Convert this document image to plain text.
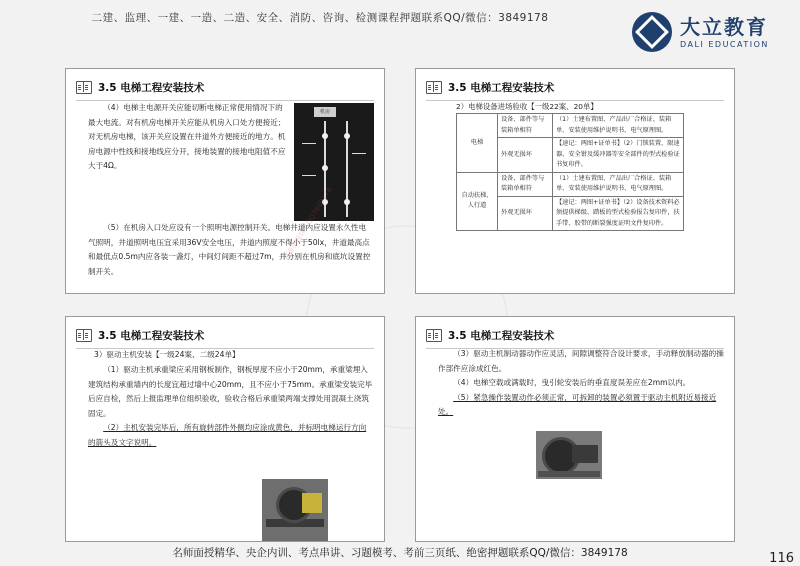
二建、监理、一建、一造、二造、安全、消防、咨询、检测课程押题联系QQ/微信：3849178	大立教育
DALI EDUCATION
3.5 电梯工程安装技术

（4）电梯主电源开关应能切断电梯正常使用情况下的最大电流。对有机房电梯开关应能从机房入口处方便接近；对无机房电梯，该开关应设置在井道外方便接近的地方。机房电源中性线和接地线应分开，接地装置的接地电阻值不应大于4Ω。

（5）在机房入口处应设有一个照明电源控制开关。电梯井道内应设置永久性电气照明，井道照明电压宜采用36V安全电压，井道内照度不得小于50lx，井道最高点和最低点0.5m内应各装一盏灯，中间灯间距不超过7m，并分别在机房和底坑设置控制开关。

机房
精准押题联系QQ3849178
3.5 电梯工程安装技术
2）电梯设备进场验收【一级22案、20单】
电梯	设备、部件等与装箱单相符	（1）土建布置图、产品出厂合格证、装箱单、安装使用维护说明书、电气原理图。
	外观无损坏	【速记：两图+证单书】（2）门锁装置、限速器、安全钳及缓冲器等安全部件的型式检验证书复印件。
自动扶梯、人行道	设备、部件等与装箱单相符	（1）土建布置图、产品出厂合格证、装箱单、安装使用维护说明书、电气原理图。
	外观无损坏	【速记：两图+证单书】（2）设备技术资料必须提供梯级、踏板的型式检验报告复印件，扶手带、胶带的断裂强度证明文件复印件。
3.5 电梯工程安装技术
3）驱动主机安装【一级24案、二级24单】

（1）驱动主机承重梁应采用钢板制作，钢板厚度不应小于20mm，承重梁埋入建筑结构承重墙内的长度宜超过墙中心20mm，且不应小于75mm。承重梁安装完毕后应自检，然后上报监理单位组织验收，验收合格后承重梁两端支撑处用混凝土浇筑固定。

（2）主机安装完毕后，所有旋转部件外侧均应涂成黄色，并标明电梯运行方向的箭头及文字说明。

3.5 电梯工程安装技术

（3）驱动主机制动器动作应灵活，间隙调整符合设计要求，手动释放制动器的操作部件应涂成红色。

（4）电梯空载或满载时，曳引轮安装后的垂直度误差应在2mm以内。

（5）紧急操作装置动作必须正常，可拆卸的装置必须置于驱动主机附近易接近处。

名师面授精华、央企内训、考点串讲、习题模考、考前三页纸、绝密押题联系QQ/微信：3849178	116
